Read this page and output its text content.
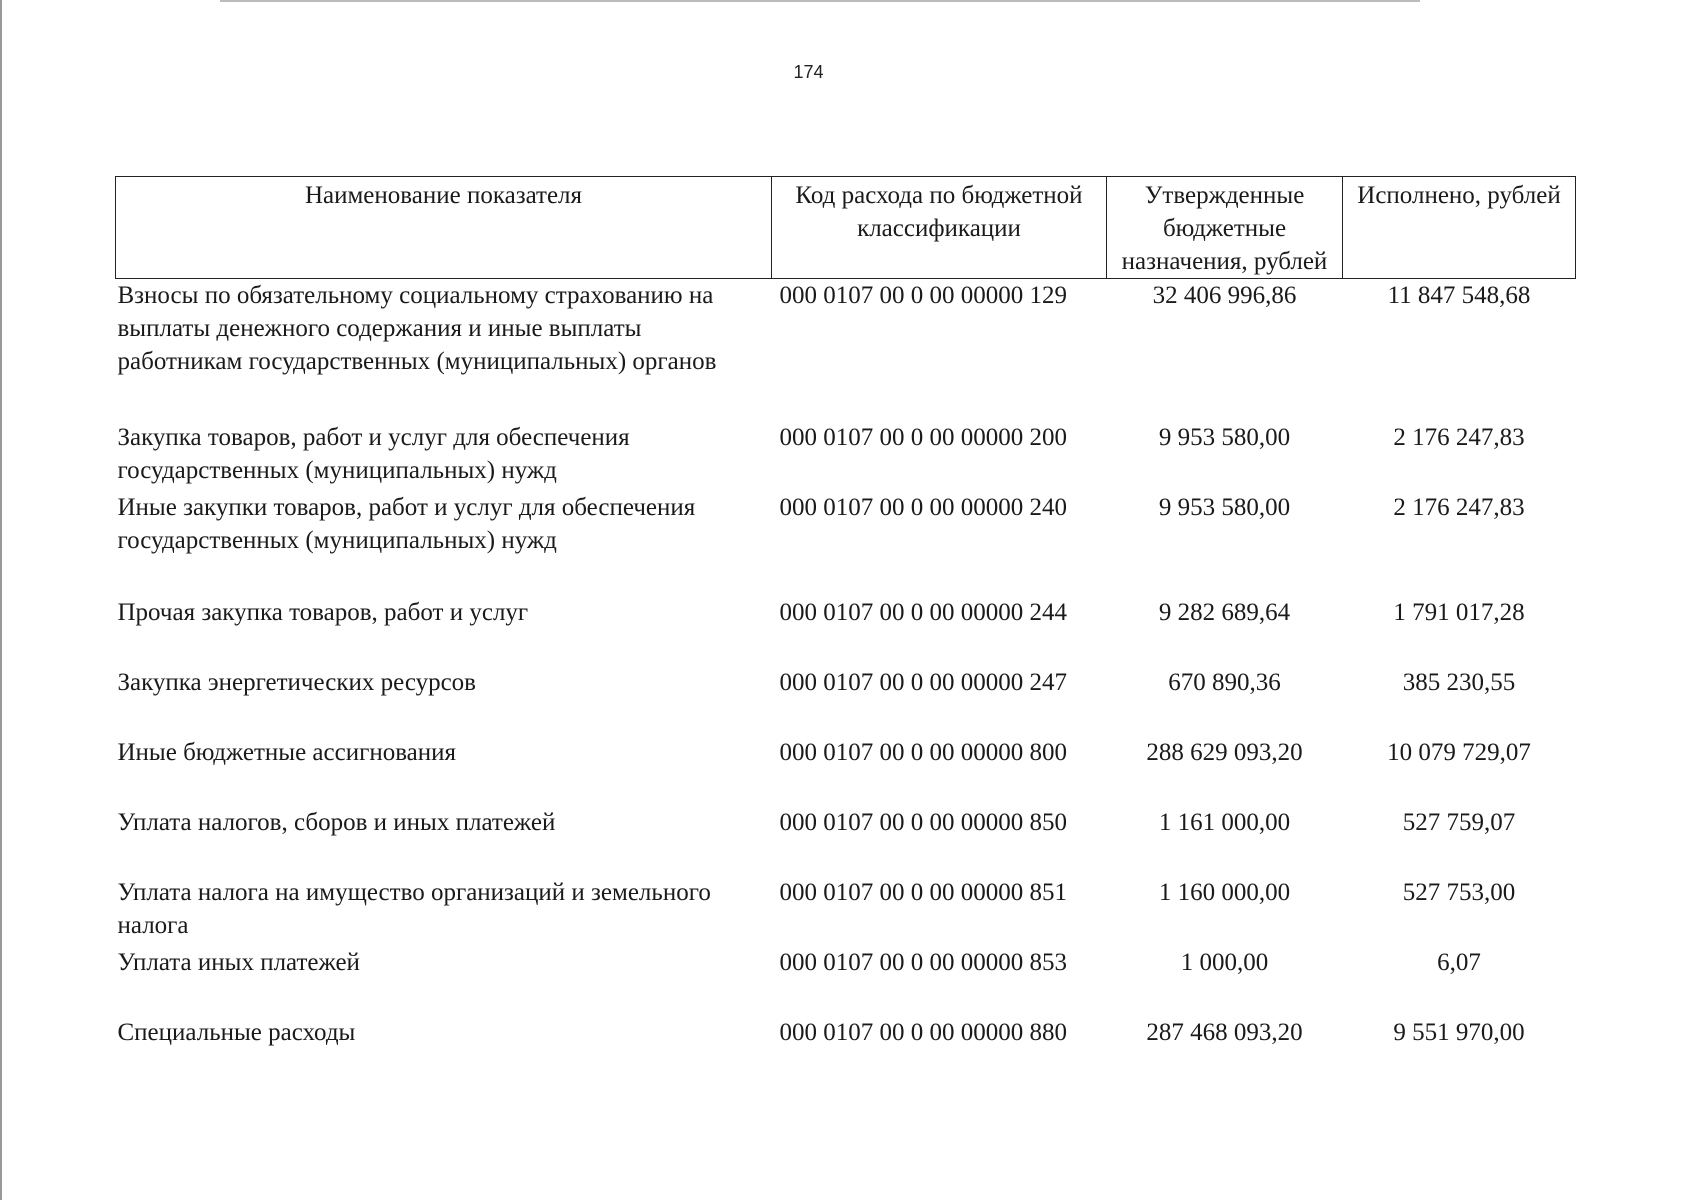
174
Наименование показателя	Код расхода по бюджетной классификации	Утвержденные бюджетные назначения, рублей	Исполнено, рублей
Взносы по обязательному социальному страхованию на выплаты денежного содержания и иные выплаты работникам государственных (муниципальных) органов	000 0107 00 0 00 00000 129	32 406 996,86	11 847 548,68
Закупка товаров, работ и услуг для обеспечения государственных (муниципальных) нужд	000 0107 00 0 00 00000 200	9 953 580,00	2 176 247,83
Иные закупки товаров, работ и услуг для обеспечения государственных (муниципальных) нужд	000 0107 00 0 00 00000 240	9 953 580,00	2 176 247,83
Прочая закупка товаров, работ и услуг	000 0107 00 0 00 00000 244	9 282 689,64	1 791 017,28
Закупка энергетических ресурсов	000 0107 00 0 00 00000 247	670 890,36	385 230,55
Иные бюджетные ассигнования	000 0107 00 0 00 00000 800	288 629 093,20	10 079 729,07
Уплата налогов, сборов и иных платежей	000 0107 00 0 00 00000 850	1 161 000,00	527 759,07
Уплата налога на имущество организаций и земельного налога	000 0107 00 0 00 00000 851	1 160 000,00	527 753,00
Уплата иных платежей	000 0107 00 0 00 00000 853	1 000,00	6,07
Специальные расходы	000 0107 00 0 00 00000 880	287 468 093,20	9 551 970,00
